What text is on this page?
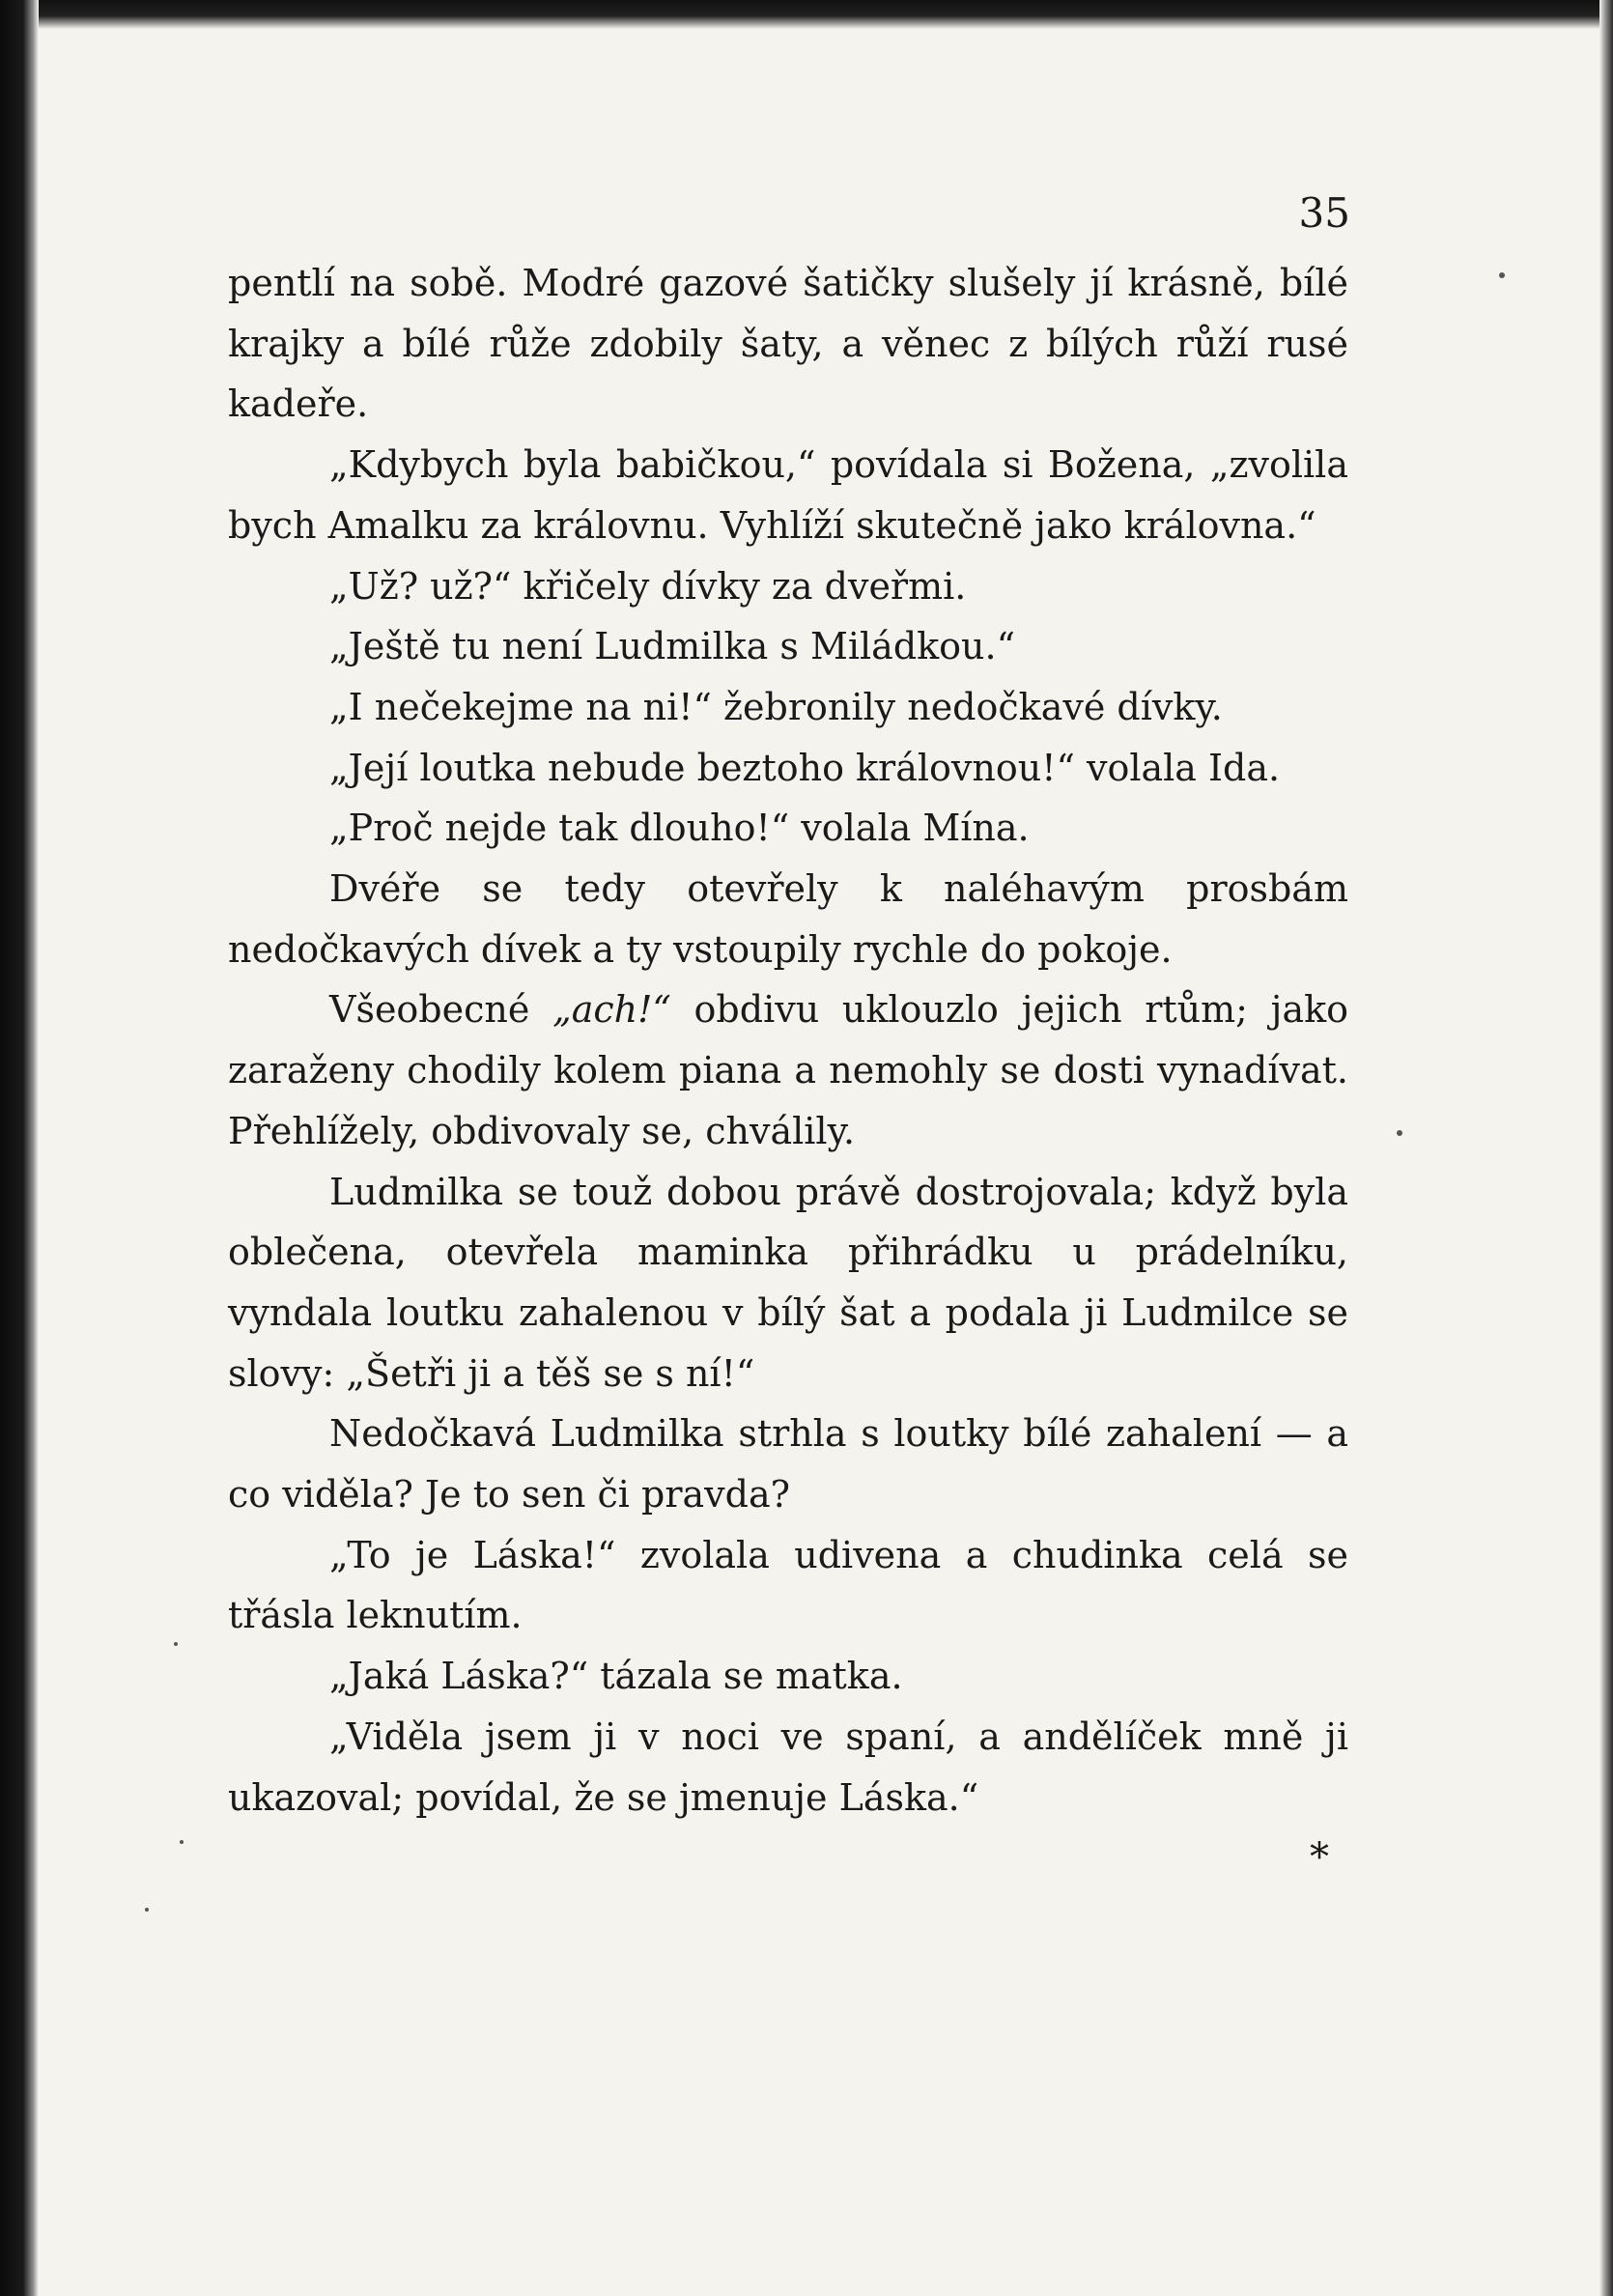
35

pentlí na sobě. Modré gazové šatičky slušely jí krásně, bílé krajky a bílé růže zdobily šaty, a věnec z bílých růží rusé kadeře.

„Kdybych byla babičkou,“ povídala si Božena, „zvolila bych Amalku za královnu. Vyhlíží skutečně jako královna.“

„Už? už?“ křičely dívky za dveřmi.

„Ještě tu není Ludmilka s Miládkou.“

„I nečekejme na ni!“ žebronily nedočkavé dívky.

„Její loutka nebude beztoho královnou!“ volala Ida.

„Proč nejde tak dlouho!“ volala Mína.

Dvéře se tedy otevřely k naléhavým prosbám nedočkavých dívek a ty vstoupily rychle do pokoje.

Všeobecné „ach!“ obdivu uklouzlo jejich rtům; jako zaraženy chodily kolem piana a nemohly se dosti vynadívat. Přehlížely, obdivovaly se, chválily.

Ludmilka se touž dobou právě dostrojovala; když byla oblečena, otevřela maminka přihrádku u prádelníku, vyndala loutku zahalenou v bílý šat a podala ji Ludmilce se slovy: „Šetři ji a těš se s ní!“

Nedočkavá Ludmilka strhla s loutky bílé zahalení — a co viděla? Je to sen či pravda?

„To je Láska!“ zvolala udivena a chudinka celá se třásla leknutím.

„Jaká Láska?“ tázala se matka.

„Viděla jsem ji v noci ve spaní, a andělíček mně ji ukazoval; povídal, že se jmenuje Láska.“

*
